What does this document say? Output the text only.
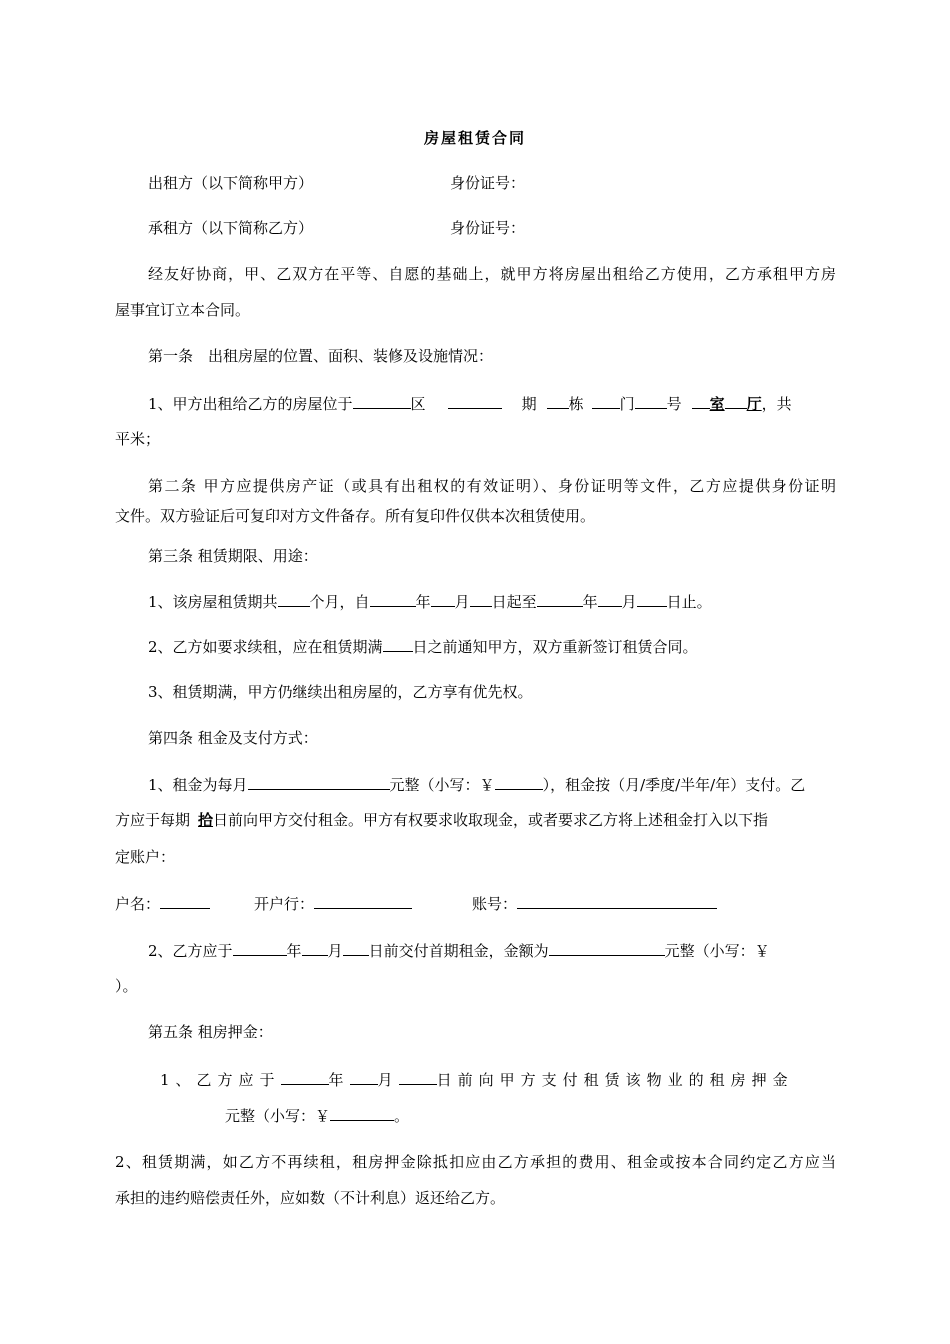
房屋租赁合同
出租方（以下简称甲方）	身份证号：
承租方（以下简称乙方）	身份证号：
经友好协商，甲、乙双方在平等、自愿的基础上，就甲方将房屋出租给乙方使用，乙方承租甲方房
屋事宜订立本合同。
第一条　出租房屋的位置、面积、装修及设施情况：
1、甲方出租给乙方的房屋位于	区	期 栋 门 号 室 厅，共
平米；
第二条 甲方应提供房产证（或具有出租权的有效证明）、身份证明等文件，乙方应提供身份证明
文件。双方验证后可复印对方文件备存。所有复印件仅供本次租赁使用。
第三条 租赁期限、用途：
1、该房屋租赁期共 个月，自	年 月 日起至	年 月 日止。
2、乙方如要求续租，应在租赁期满 日之前通知甲方，双方重新签订租赁合同。
3、租赁期满，甲方仍继续出租房屋的，乙方享有优先权。
第四条 租金及支付方式：
1、租金为每月	元整（小写：￥	），租金按（月/季度/半年/年）支付。乙
方应于每期 拾日前向甲方交付租金。甲方有权要求收取现金，或者要求乙方将上述租金打入以下指
定账户：
户名：	开户行：	账号：
2、乙方应于	年 月 日前交付首期租金，金额为	元整（小写：￥
）。
第五条 租房押金：
1、乙方应于	年 月	日前向甲方支付租赁该物业的租房押金
元整（小写：￥	。
2、租赁期满，如乙方不再续租，租房押金除抵扣应由乙方承担的费用、租金或按本合同约定乙方应当
承担的违约赔偿责任外，应如数（不计利息）返还给乙方。
